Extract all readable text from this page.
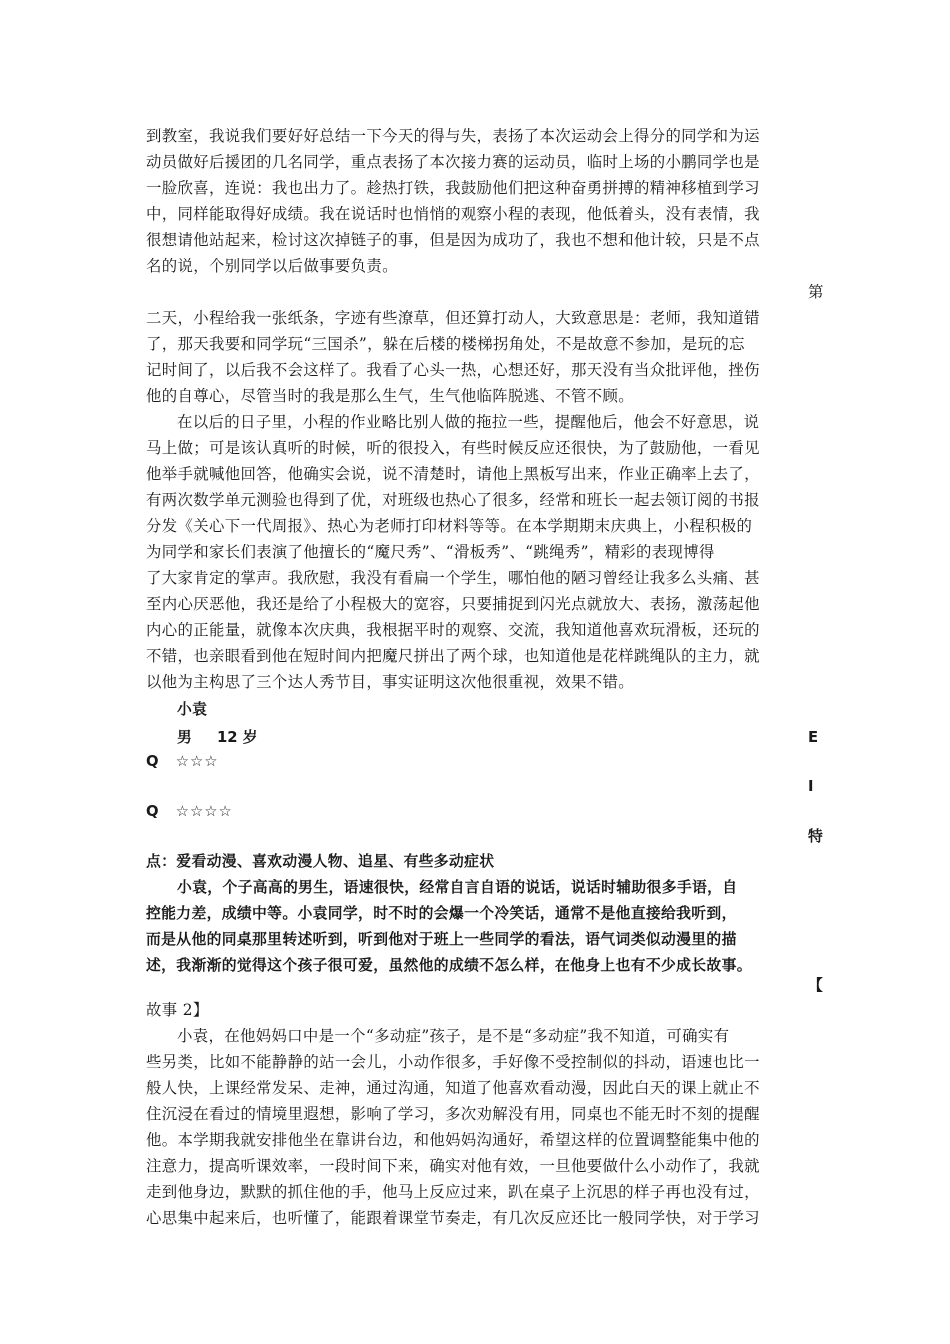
到教室，我说我们要好好总结一下今天的得与失，表扬了本次运动会上得分的同学和为运
动员做好后援团的几名同学，重点表扬了本次接力赛的运动员，临时上场的小鹏同学也是
一脸欣喜，连说：我也出力了。趁热打铁，我鼓励他们把这种奋勇拼搏的精神移植到学习
中，同样能取得好成绩。我在说话时也悄悄的观察小程的表现，他低着头，没有表情，我
很想请他站起来，检讨这次掉链子的事，但是因为成功了，我也不想和他计较，只是不点
名的说，个别同学以后做事要负责。
第
二天，小程给我一张纸条，字迹有些潦草，但还算打动人，大致意思是：老师，我知道错
了，那天我要和同学玩“三国杀”，躲在后楼的楼梯拐角处，不是故意不参加，是玩的忘
记时间了，以后我不会这样了。我看了心头一热，心想还好，那天没有当众批评他，挫伤
他的自尊心，尽管当时的我是那么生气，生气他临阵脱逃、不管不顾。
在以后的日子里，小程的作业略比别人做的拖拉一些，提醒他后，他会不好意思，说
马上做；可是该认真听的时候，听的很投入，有些时候反应还很快，为了鼓励他，一看见
他举手就喊他回答，他确实会说，说不清楚时，请他上黑板写出来，作业正确率上去了，
有两次数学单元测验也得到了优，对班级也热心了很多，经常和班长一起去领订阅的书报
分发《关心下一代周报》、热心为老师打印材料等等。在本学期期末庆典上，小程积极的
为同学和家长们表演了他擅长的“魔尺秀”、“滑板秀”、“跳绳秀”，精彩的表现博得
了大家肯定的掌声。我欣慰，我没有看扁一个学生，哪怕他的陋习曾经让我多么头痛、甚
至内心厌恶他，我还是给了小程极大的宽容，只要捕捉到闪光点就放大、表扬，激荡起他
内心的正能量，就像本次庆典，我根据平时的观察、交流，我知道他喜欢玩滑板，还玩的
不错，也亲眼看到他在短时间内把魔尺拼出了两个球，也知道他是花样跳绳队的主力，就
以他为主构思了三个达人秀节目，事实证明这次他很重视，效果不错。
小袁
男 12 岁	E
Q ☆☆☆
I
Q ☆☆☆☆
特
点：爱看动漫、喜欢动漫人物、追星、有些多动症状
小袁，个子高高的男生，语速很快，经常自言自语的说话，说话时辅助很多手语，自
控能力差，成绩中等。小袁同学，时不时的会爆一个冷笑话，通常不是他直接给我听到，
而是从他的同桌那里转述听到，听到他对于班上一些同学的看法，语气词类似动漫里的描
述，我渐渐的觉得这个孩子很可爱，虽然他的成绩不怎么样，在他身上也有不少成长故事。
【
故事 2】
小袁，在他妈妈口中是一个“多动症”孩子，是不是“多动症”我不知道，可确实有
些另类，比如不能静静的站一会儿，小动作很多，手好像不受控制似的抖动，语速也比一
般人快，上课经常发呆、走神，通过沟通，知道了他喜欢看动漫，因此白天的课上就止不
住沉浸在看过的情境里遐想，影响了学习，多次劝解没有用，同桌也不能无时不刻的提醒
他。本学期我就安排他坐在靠讲台边，和他妈妈沟通好，希望这样的位置调整能集中他的
注意力，提高听课效率，一段时间下来，确实对他有效，一旦他要做什么小动作了，我就
走到他身边，默默的抓住他的手，他马上反应过来，趴在桌子上沉思的样子再也没有过，
心思集中起来后，也听懂了，能跟着课堂节奏走，有几次反应还比一般同学快，对于学习
